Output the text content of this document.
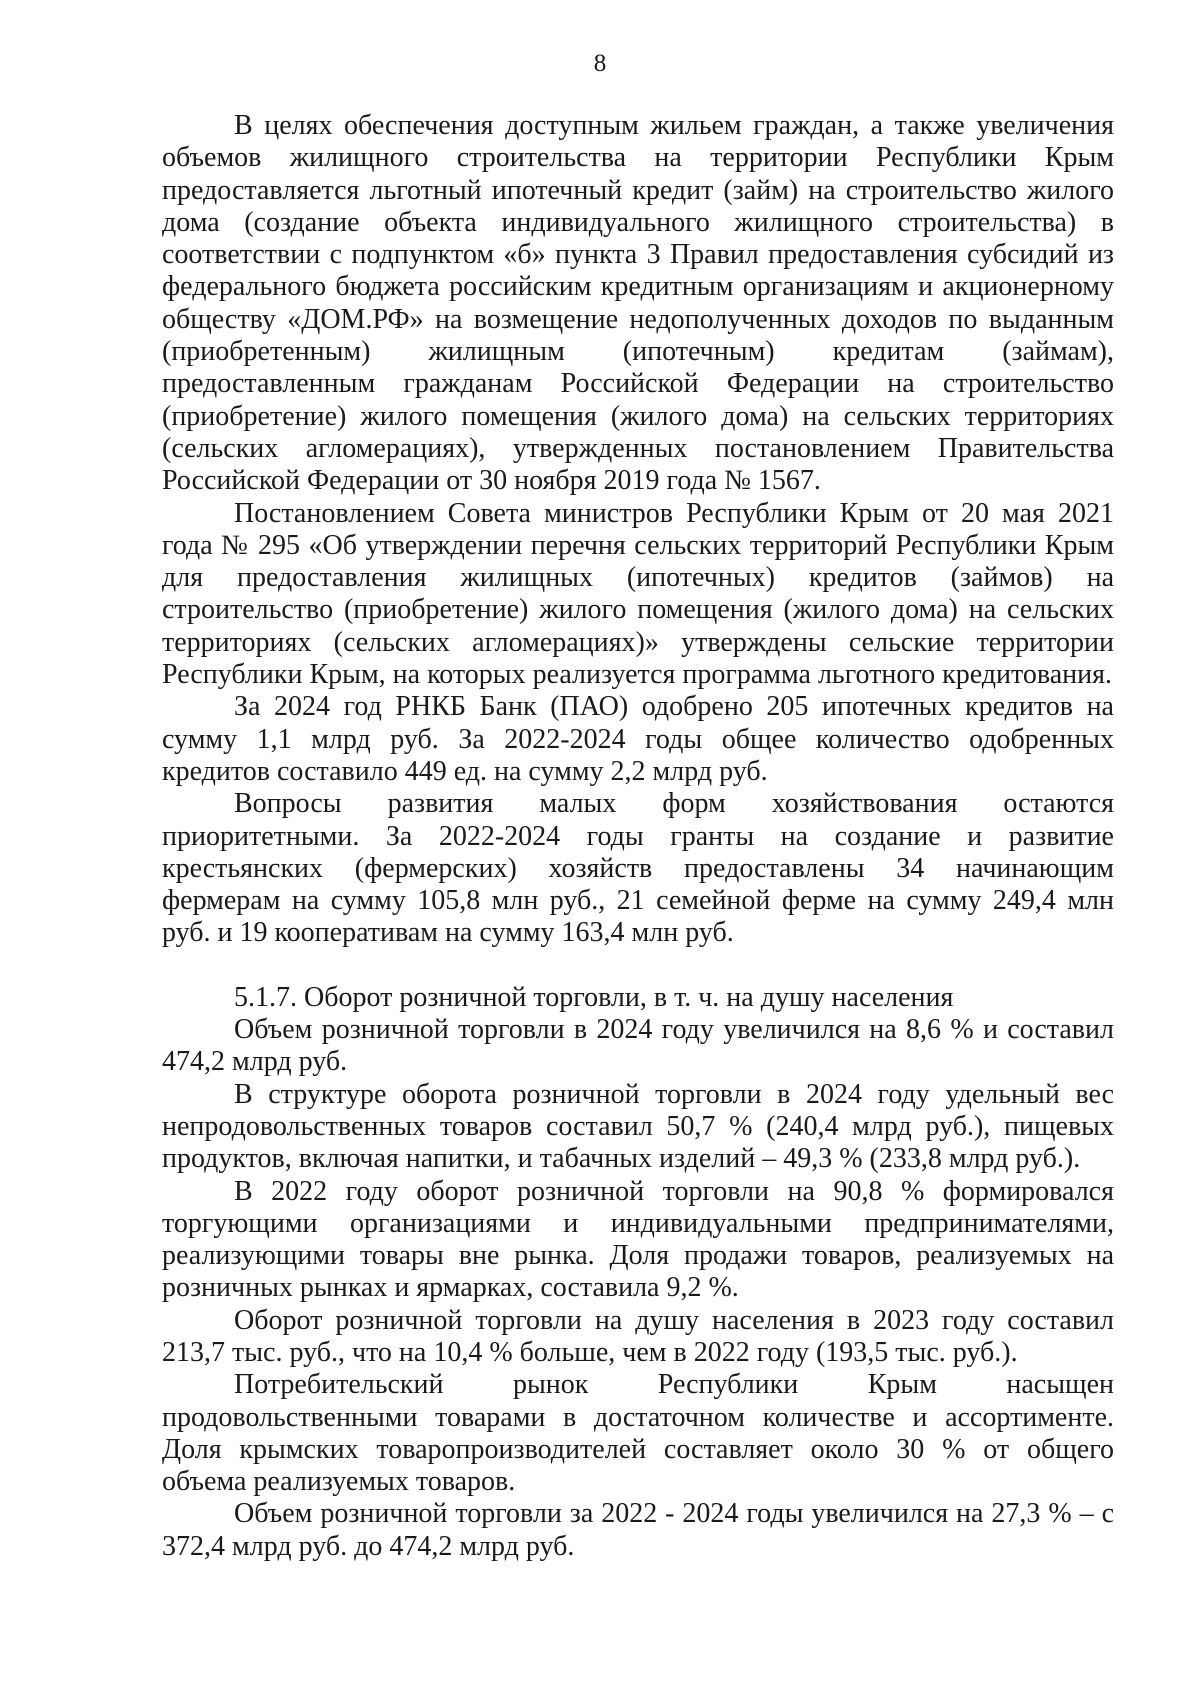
8

В целях обеспечения доступным жильем граждан, а также увеличения объемов жилищного строительства на территории Республики Крым предоставляется льготный ипотечный кредит (займ) на строительство жилого дома (создание объекта индивидуального жилищного строительства) в соответствии с подпунктом «б» пункта 3 Правил предоставления субсидий из федерального бюджета российским кредитным организациям и акционерному обществу «ДОМ.РФ» на возмещение недополученных доходов по выданным (приобретенным) жилищным (ипотечным) кредитам (займам), предоставленным гражданам Российской Федерации на строительство (приобретение) жилого помещения (жилого дома) на сельских территориях (сельских агломерациях), утвержденных постановлением Правительства Российской Федерации от 30 ноября 2019 года № 1567.

Постановлением Совета министров Республики Крым от 20 мая 2021 года № 295 «Об утверждении перечня сельских территорий Республики Крым для предоставления жилищных (ипотечных) кредитов (займов) на строительство (приобретение) жилого помещения (жилого дома) на сельских территориях (сельских агломерациях)» утверждены сельские территории Республики Крым, на которых реализуется программа льготного кредитования.

За 2024 год РНКБ Банк (ПАО) одобрено 205 ипотечных кредитов на сумму 1,1 млрд руб. За 2022-2024 годы общее количество одобренных кредитов составило 449 ед. на сумму 2,2 млрд руб.

Вопросы развития малых форм хозяйствования остаются приоритетными. За 2022-2024 годы гранты на создание и развитие крестьянских (фермерских) хозяйств предоставлены 34 начинающим фермерам на сумму 105,8 млн руб., 21 семейной ферме на сумму 249,4 млн руб. и 19 кооперативам на сумму 163,4 млн руб.

5.1.7. Оборот розничной торговли, в т. ч. на душу населения

Объем розничной торговли в 2024 году увеличился на 8,6 % и составил 474,2 млрд руб.

В структуре оборота розничной торговли в 2024 году удельный вес непродовольственных товаров составил 50,7 % (240,4 млрд руб.), пищевых продуктов, включая напитки, и табачных изделий – 49,3 % (233,8 млрд руб.).

В 2022 году оборот розничной торговли на 90,8 % формировался торгующими организациями и индивидуальными предпринимателями, реализующими товары вне рынка. Доля продажи товаров, реализуемых на розничных рынках и ярмарках, составила 9,2 %.

Оборот розничной торговли на душу населения в 2023 году составил 213,7 тыс. руб., что на 10,4 % больше, чем в 2022 году (193,5 тыс. руб.).

Потребительский рынок Республики Крым насыщен продовольственными товарами в достаточном количестве и ассортименте. Доля крымских товаропроизводителей составляет около 30 % от общего объема реализуемых товаров.

Объем розничной торговли за 2022 - 2024 годы увеличился на 27,3 % – с 372,4 млрд руб. до 474,2 млрд руб.
